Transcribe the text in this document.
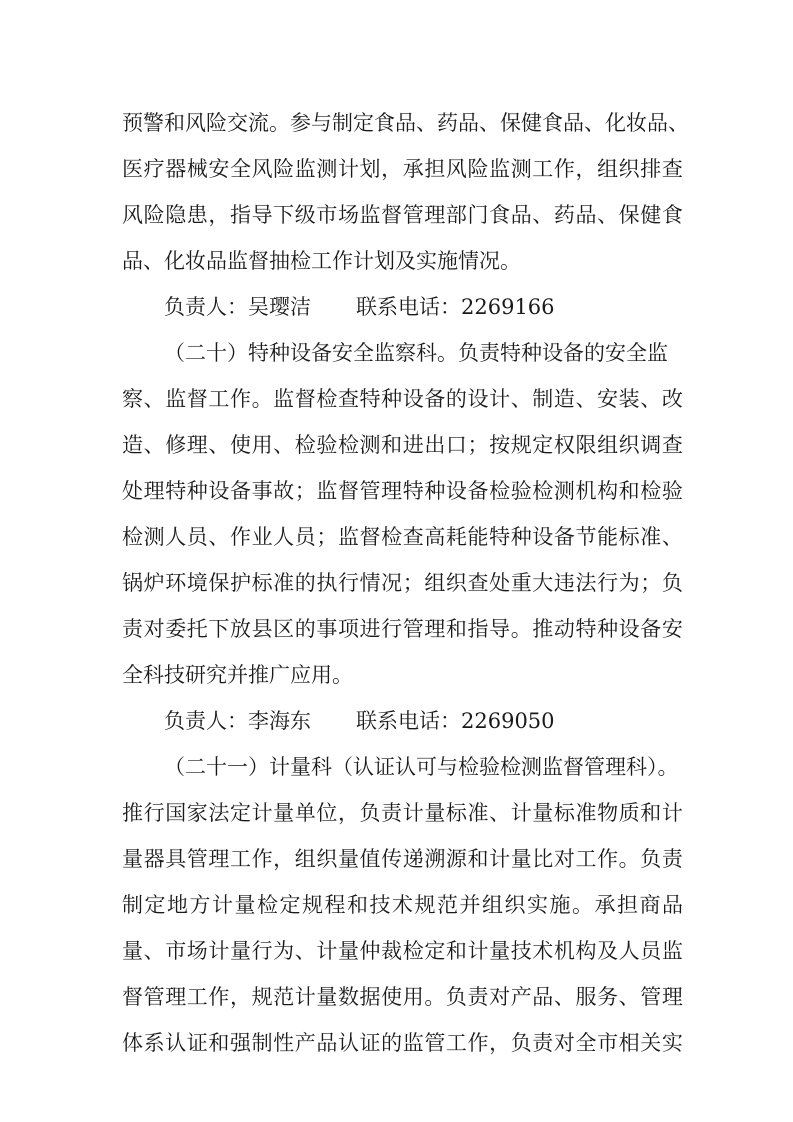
预 警 和 风 险 交 流 。 参 与 制 定 食 品 、 药 品 、 保 健 食 品 、 化 妆 品 、
医 疗 器 械 安 全 风 险 监 测 计 划 ， 承 担 风 险 监 测 工 作 ， 组 织 排 查
风 险 隐 患 ， 指 导 下 级 市 场 监 督 管 理 部 门 食 品 、 药 品 、 保 健 食
品、化妆品监督抽检工作计划及实施情况。
负责人：吴璎洁 联系电话：2269166
（二十）特种设备安全监察科。负责特种设备的安全监
察 、 监 督 工 作 。 监 督 检 查 特 种 设 备 的 设 计 、 制 造 、 安 装 、 改
造 、 修 理 、 使 用 、 检 验 检 测 和 进 出 口 ； 按 规 定 权 限 组 织 调 查
处 理 特 种 设 备 事 故 ； 监 督 管 理 特 种 设 备 检 验 检 测 机 构 和 检 验
检 测 人 员 、 作 业 人 员 ； 监 督 检 查 高 耗 能 特 种 设 备 节 能 标 准 、
锅 炉 环 境 保 护 标 准 的 执 行 情 况 ； 组 织 查 处 重 大 违 法 行 为 ； 负
责 对 委 托 下 放 县 区 的 事 项 进 行 管 理 和 指 导 。 推 动 特 种 设 备 安
全科技研究并推广应用。
负责人：李海东 联系电话：2269050
（二十一）计量科（认证认可与检验检测监督管理科）。
推 行 国 家 法 定 计 量 单 位 ， 负 责 计 量 标 准 、 计 量 标 准 物 质 和 计
量 器 具 管 理 工 作 ， 组 织 量 值 传 递 溯 源 和 计 量 比 对 工 作 。 负 责
制 定 地 方 计 量 检 定 规 程 和 技 术 规 范 并 组 织 实 施 。 承 担 商 品
量 、 市 场 计 量 行 为 、 计 量 仲 裁 检 定 和 计 量 技 术 机 构 及 人 员 监
督 管 理 工 作 ， 规 范 计 量 数 据 使 用 。 负 责 对 产 品 、 服 务 、 管 理
体 系 认 证 和 强 制 性 产 品 认 证 的 监 管 工 作 ， 负 责 对 全 市 相 关 实
